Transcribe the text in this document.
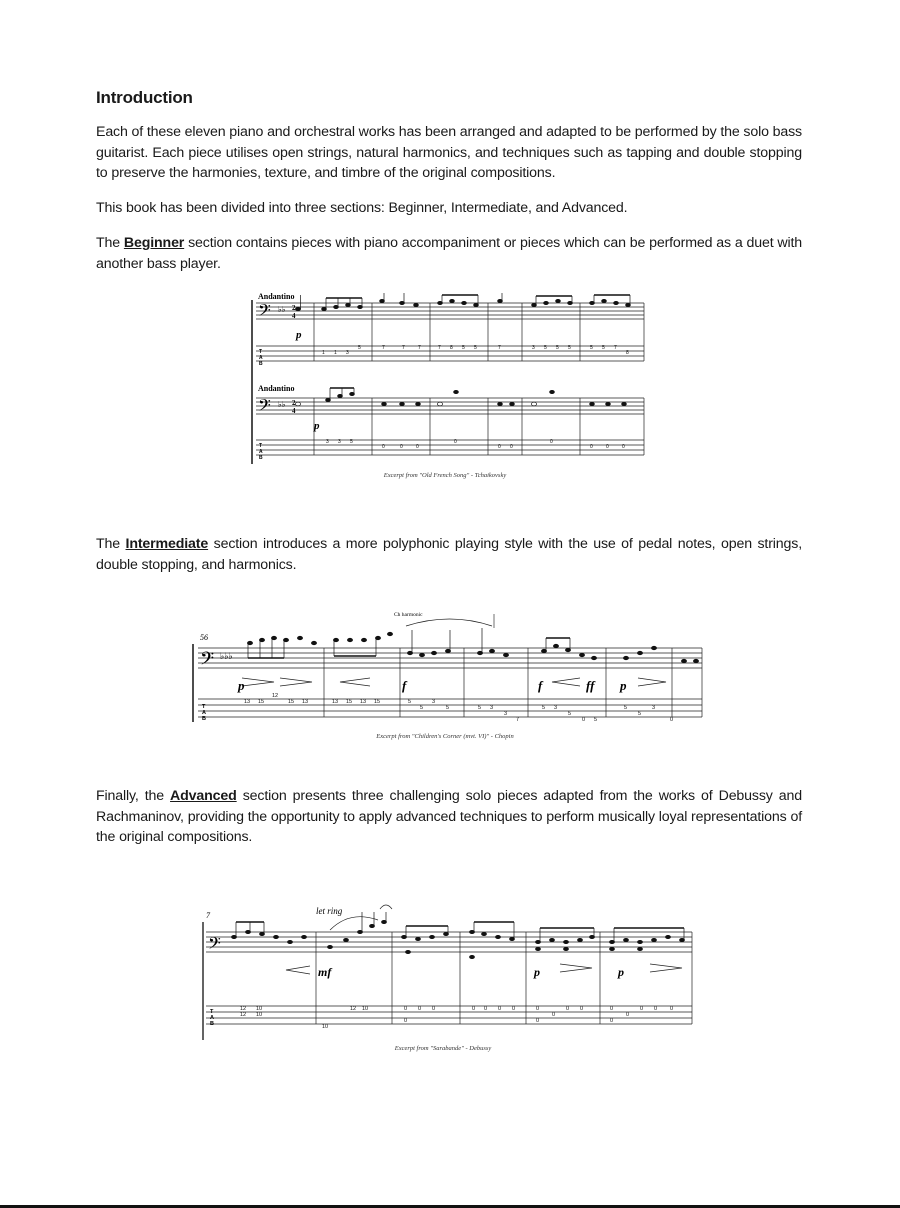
Introduction

Each of these eleven piano and orchestral works has been arranged and adapted to be performed by the solo bass guitarist. Each piece utilises open strings, natural harmonics, and techniques such as tapping and double stopping to preserve the harmonies, texture, and timbre of the original compositions.

This book has been divided into three sections: Beginner, Intermediate, and Advanced.

The Beginner section contains pieces with piano accompaniment or pieces which can be performed as a duet with another bass player.

Andantino
Andantino
𝄢
𝄢
♭♭
♭♭
2
4
2
4
p
p
T
A
B
T
A
B
1 1 3
5	7	7	7	7 8 5 5	7	3 5 5 5	5 5 7
8
3 3 5
0	0	0
0
0 0
0
0	0	0
Excerpt from "Old French Song" - Tchaikovsky

The Intermediate section introduces a more polyphonic playing style with the use of pedal notes, open strings, double stopping, and harmonics.

56
Ch harmonic
𝄢 ♭♭♭
T
A
B
p	f	f	ff p
13 15
12
15 13	13 15 13 15	5
5
3
5	5 3
3
7
5 3
5
0 5
5
5
3
0
Excerpt from "Children's Corner (mvt. VI)" - Chopin

Finally, the Advanced section presents three challenging solo pieces adapted from the works of Debussy and Rachmaninov, providing the opportunity to apply advanced techniques to perform musically loyal representations of the original compositions.

7	let ring
𝄢
T
A
B
mf	p	p
12 10
12 10
10
12 10	0 0 0
0
0 0 0 0	0
0
0
0
0	0
0
0
0
0 0
Excerpt from "Sarabande" - Debussy
